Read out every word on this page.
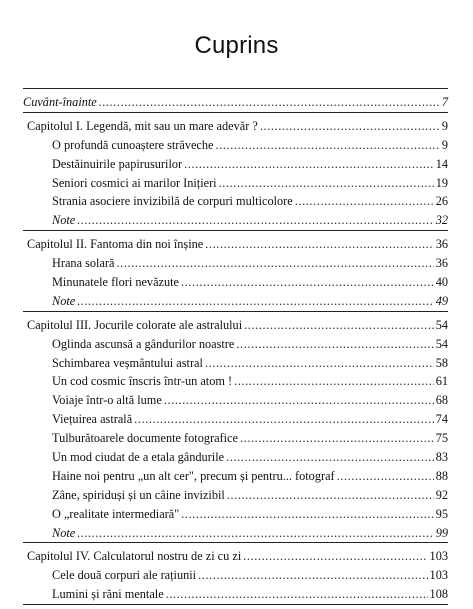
Cuprins
Cuvânt-înainte .....	7
Capitolul I. Legendă, mit sau un mare adevăr ? .....	9
O profundă cunoaștere străveche .....	9
Destăinuirile papirusurilor .....	14
Seniori cosmici ai marilor Inițieri .....	19
Strania asociere invizibilă de corpuri multicolore .....	26
Note .....	32
Capitolul II. Fantoma din noi înșine .....	36
Hrana solară .....	36
Minunatele flori nevăzute .....	40
Note .....	49
Capitolul III. Jocurile colorate ale astralului .....	54
Oglinda ascunsă a gândurilor noastre .....	54
Schimbarea veșmântului astral .....	58
Un cod cosmic înscris într-un atom ! .....	61
Voiaje într-o altă lume .....	68
Viețuirea astrală .....	74
Tulburătoarele documente fotografice .....	75
Un mod ciudat de a etala gândurile .....	83
Haine noi pentru „un alt cer", precum și pentru... fotograf .....	88
Zâne, spiriduși și un câine invizibil .....	92
O „realitate intermediară" .....	95
Note .....	99
Capitolul IV. Calculatorul nostru de zi cu zi .....	103
Cele două corpuri ale rațiunii .....	103
Lumini și răni mentale .....	108
